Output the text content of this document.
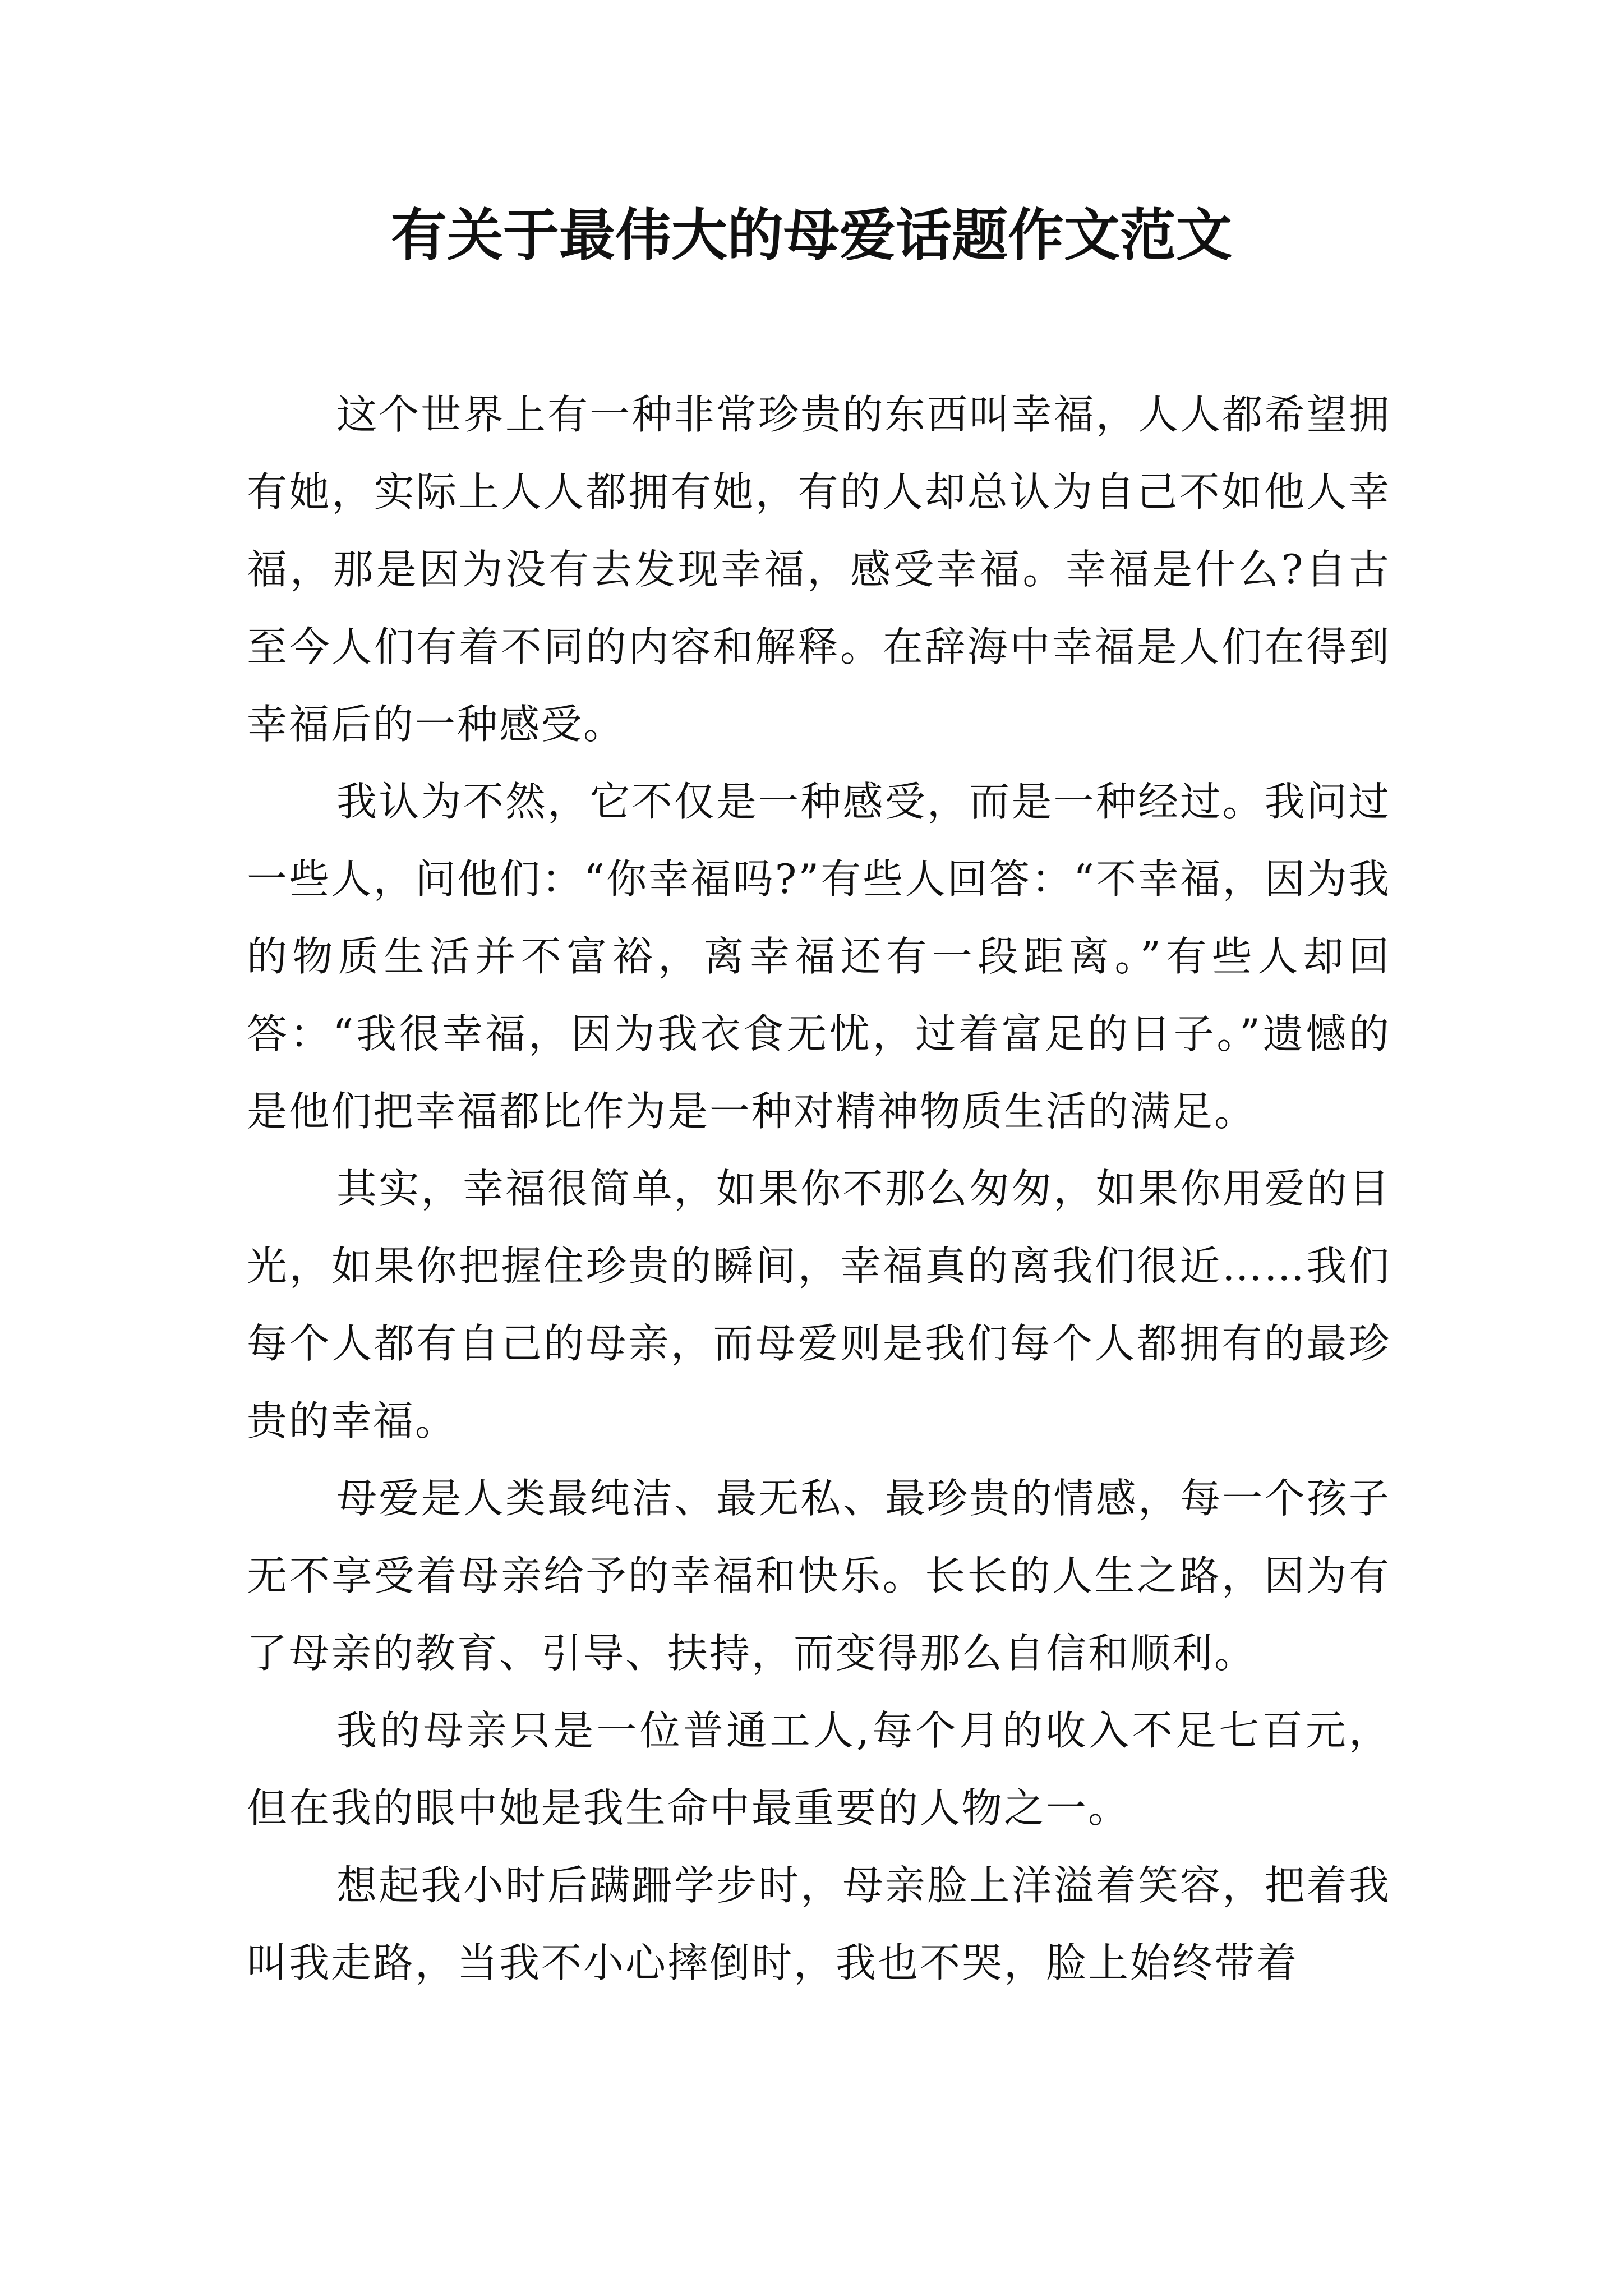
有关于最伟大的母爱话题作文范文

这个世界上有一种非常珍贵的东西叫幸福，人人都希望拥有她，实际上人人都拥有她，有的人却总认为自己不如他人幸福，那是因为没有去发现幸福，感受幸福。幸福是什么?自古至今人们有着不同的内容和解释。在辞海中幸福是人们在得到幸福后的一种感受。

我认为不然，它不仅是一种感受，而是一种经过。我问过一些人，问他们：“你幸福吗?”有些人回答：“不幸福，因为我的物质生活并不富裕，离幸福还有一段距离。”有些人却回答：“我很幸福，因为我衣食无忧，过着富足的日子。”遗憾的是他们把幸福都比作为是一种对精神物质生活的满足。

其实，幸福很简单，如果你不那么匆匆，如果你用爱的目光，如果你把握住珍贵的瞬间，幸福真的离我们很近……我们每个人都有自己的母亲，而母爱则是我们每个人都拥有的最珍贵的幸福。

母爱是人类最纯洁、最无私、最珍贵的情感，每一个孩子无不享受着母亲给予的幸福和快乐。长长的人生之路，因为有了母亲的教育、引导、扶持，而变得那么自信和顺利。

我的母亲只是一位普通工人,每个月的收入不足七百元，但在我的眼中她是我生命中最重要的人物之一。

想起我小时后蹒跚学步时，母亲脸上洋溢着笑容，把着我叫我走路，当我不小心摔倒时，我也不哭，脸上始终带着
